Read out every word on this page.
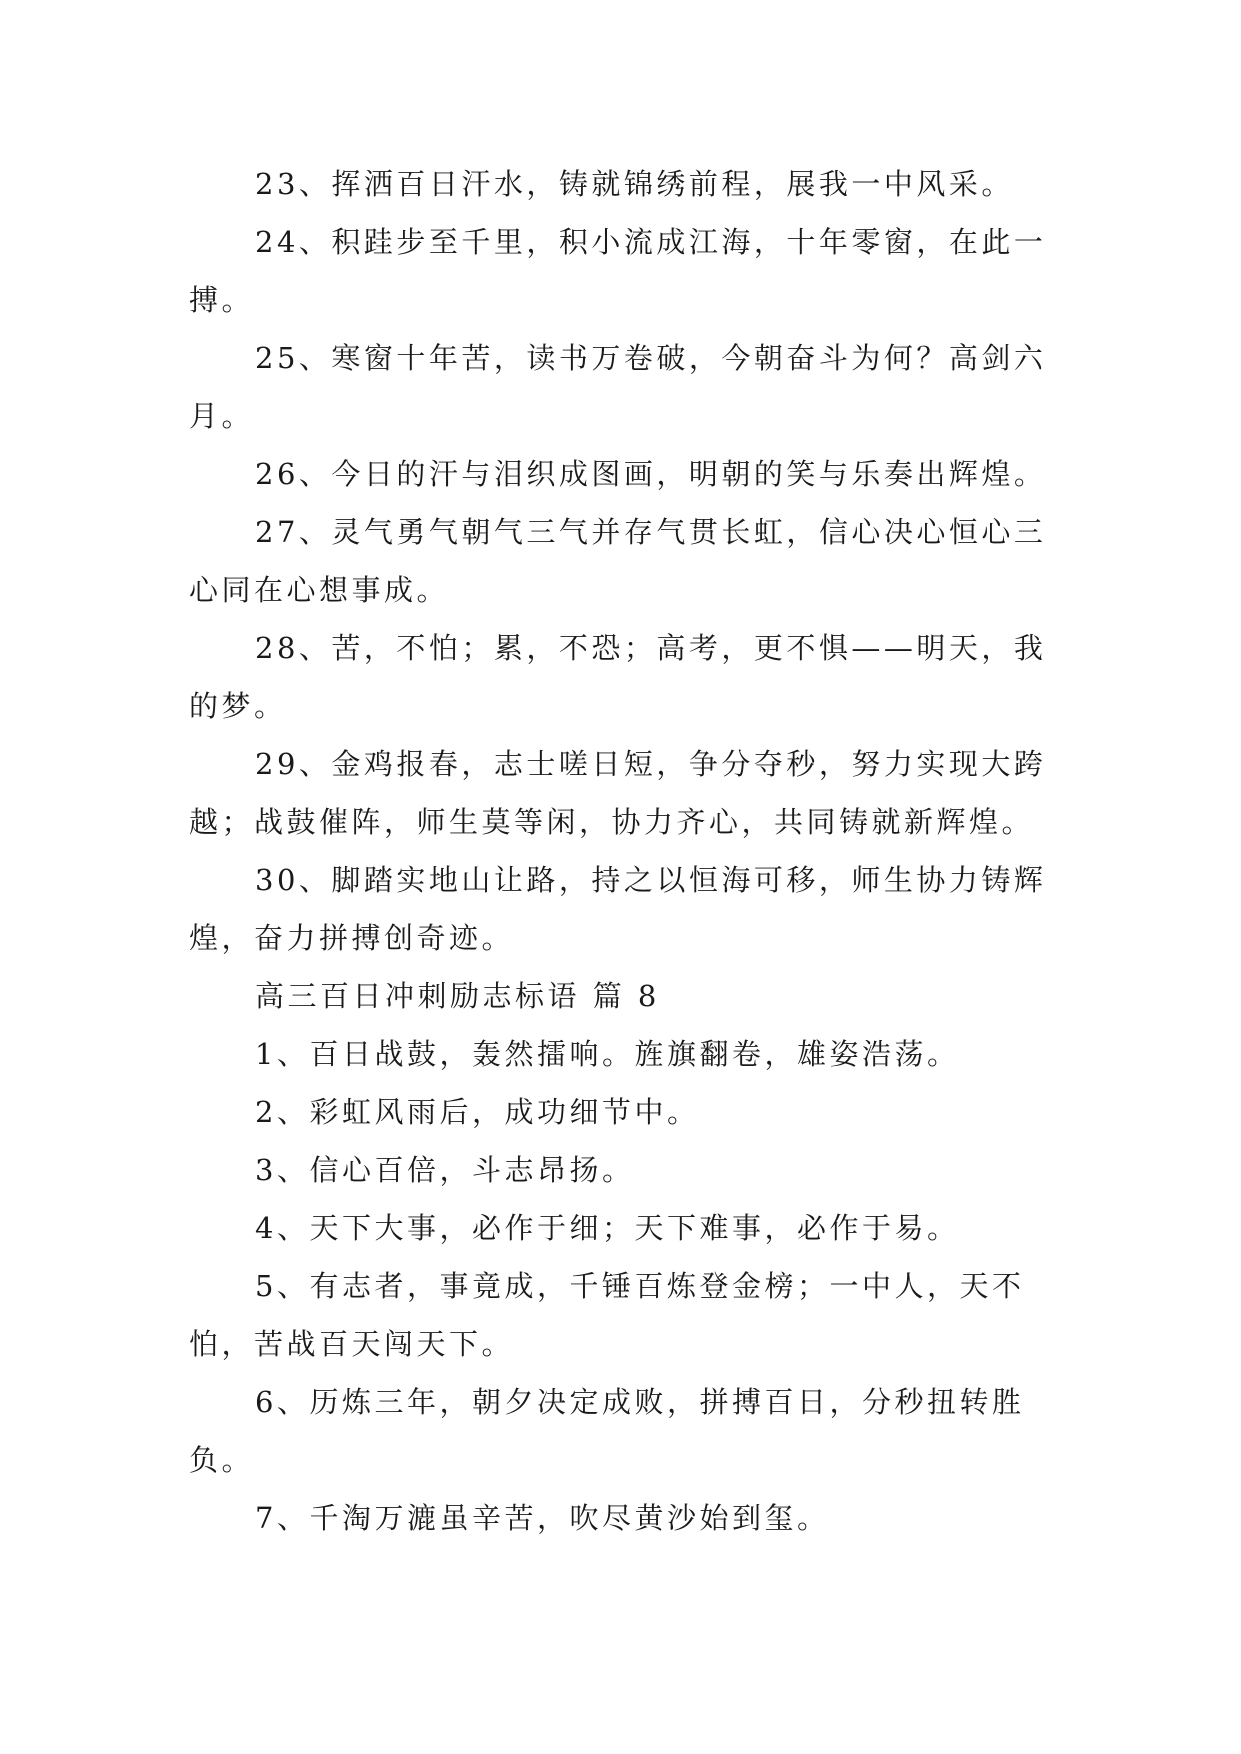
23、挥洒百日汗水，铸就锦绣前程，展我一中风采。

24、积跬步至千里，积小流成江海，十年零窗，在此一搏。

25、寒窗十年苦，读书万卷破，今朝奋斗为何？高剑六月。

26、今日的汗与泪织成图画，明朝的笑与乐奏出辉煌。

27、灵气勇气朝气三气并存气贯长虹，信心决心恒心三心同在心想事成。

28、苦，不怕；累，不恐；高考，更不惧——明天，我的梦。

29、金鸡报春，志士嗟日短，争分夺秒，努力实现大跨越；战鼓催阵，师生莫等闲，协力齐心，共同铸就新辉煌。

30、脚踏实地山让路，持之以恒海可移，师生协力铸辉煌，奋力拼搏创奇迹。

高三百日冲刺励志标语 篇 8

1、百日战鼓，轰然擂响。旌旗翻卷，雄姿浩荡。

2、彩虹风雨后，成功细节中。

3、信心百倍，斗志昂扬。

4、天下大事，必作于细；天下难事，必作于易。

5、有志者，事竟成，千锤百炼登金榜；一中人，天不怕，苦战百天闯天下。

6、历炼三年，朝夕决定成败，拼搏百日，分秒扭转胜负。

7、千淘万漉虽辛苦，吹尽黄沙始到玺。
